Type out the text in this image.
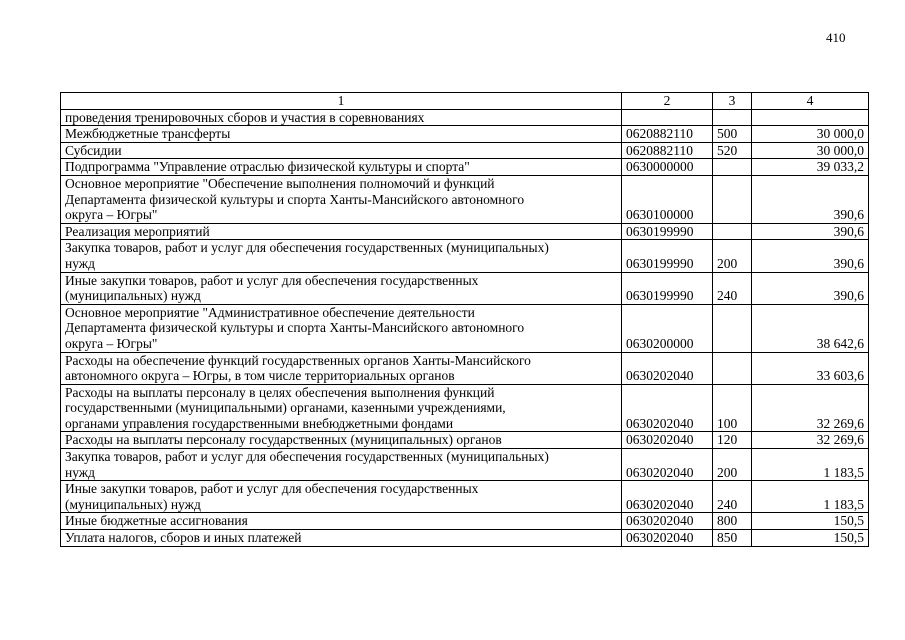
410
1	2	3	4

проведения тренировочных сборов и участия в соревнованиях			

Межбюджетные трансферты	0620882110	500	30 000,0

Субсидии	0620882110	520	30 000,0

Подпрограмма "Управление отраслью физической культуры и спорта"	0630000000		39 033,2

Основное мероприятие "Обеспечение выполнения полномочий и функций
Департамента физической культуры и спорта Ханты-Мансийского автономного
округа – Югры"	0630100000		390,6

Реализация мероприятий	0630199990		390,6

Закупка товаров, работ и услуг для обеспечения государственных (муниципальных)
нужд	0630199990	200	390,6

Иные закупки товаров, работ и услуг для обеспечения государственных
(муниципальных) нужд	0630199990	240	390,6

Основное мероприятие "Административное обеспечение деятельности
Департамента физической культуры и спорта Ханты-Мансийского автономного
округа – Югры"	0630200000		38 642,6

Расходы на обеспечение функций государственных органов Ханты-Мансийского
автономного округа – Югры, в том числе территориальных органов	0630202040		33 603,6

Расходы на выплаты персоналу в целях обеспечения выполнения функций
государственными (муниципальными) органами, казенными учреждениями,
органами управления государственными внебюджетными фондами	0630202040	100	32 269,6

Расходы на выплаты персоналу государственных (муниципальных) органов	0630202040	120	32 269,6

Закупка товаров, работ и услуг для обеспечения государственных (муниципальных)
нужд	0630202040	200	1 183,5

Иные закупки товаров, работ и услуг для обеспечения государственных
(муниципальных) нужд	0630202040	240	1 183,5

Иные бюджетные ассигнования	0630202040	800	150,5

Уплата налогов, сборов и иных платежей	0630202040	850	150,5
